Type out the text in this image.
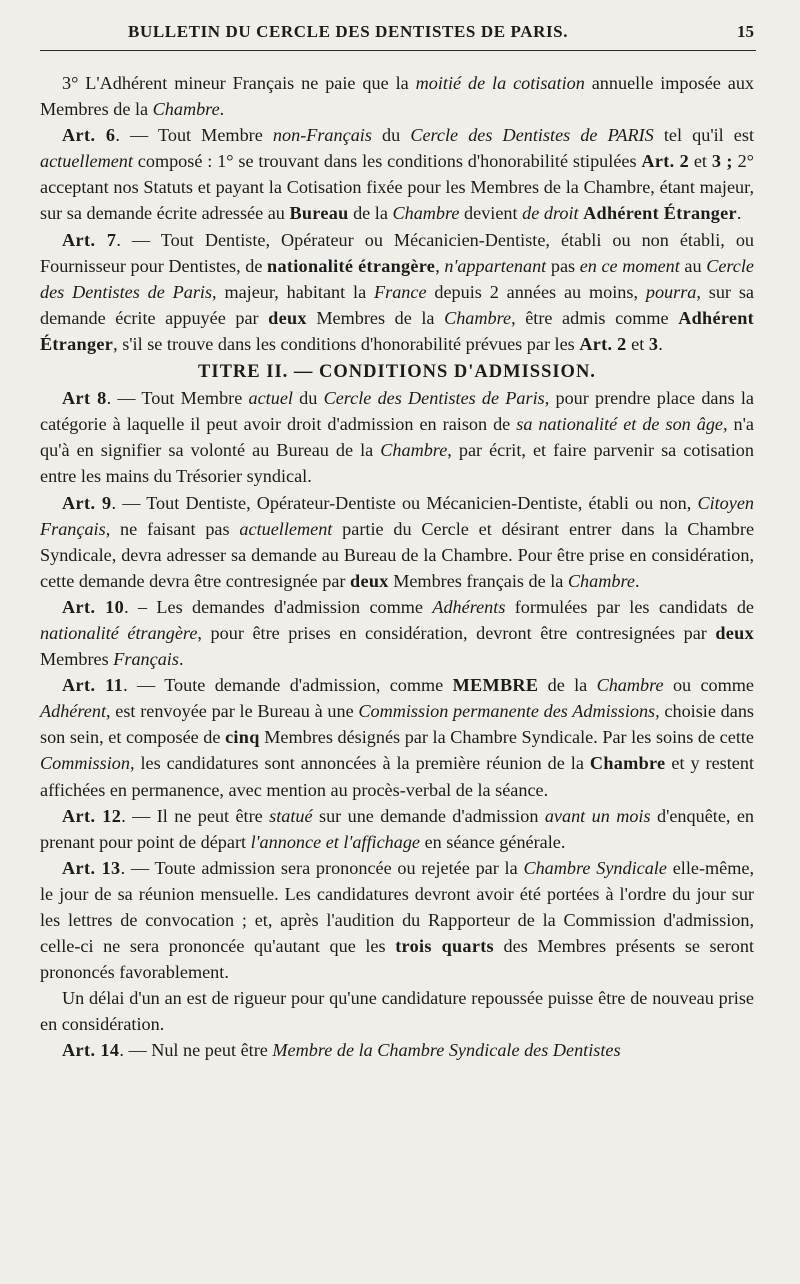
BULLETIN DU CERCLE DES DENTISTES DE PARIS.	15

3° L'Adhérent mineur Français ne paie que la moitié de la cotisation annuelle imposée aux Membres de la Chambre.

Art. 6. — Tout Membre non-Français du Cercle des Dentistes de PARIS tel qu'il est actuellement composé : 1° se trouvant dans les conditions d'honorabilité stipulées Art. 2 et 3 ; 2° acceptant nos Statuts et payant la Cotisation fixée pour les Membres de la Chambre, étant majeur, sur sa demande écrite adressée au Bureau de la Chambre devient de droit Adhérent Étranger.

Art. 7. — Tout Dentiste, Opérateur ou Mécanicien-Dentiste, établi ou non établi, ou Fournisseur pour Dentistes, de nationalité étrangère, n'appartenant pas en ce moment au Cercle des Dentistes de Paris, majeur, habitant la France depuis 2 années au moins, pourra, sur sa demande écrite appuyée par deux Membres de la Chambre, être admis comme Adhérent Étranger, s'il se trouve dans les conditions d'honorabilité prévues par les Art. 2 et 3.

TITRE II. — CONDITIONS D'ADMISSION.

Art 8. — Tout Membre actuel du Cercle des Dentistes de Paris, pour prendre place dans la catégorie à laquelle il peut avoir droit d'admission en raison de sa nationalité et de son âge, n'a qu'à en signifier sa volonté au Bureau de la Chambre, par écrit, et faire parvenir sa cotisation entre les mains du Trésorier syndical.

Art. 9. — Tout Dentiste, Opérateur-Dentiste ou Mécanicien-Dentiste, établi ou non, Citoyen Français, ne faisant pas actuellement partie du Cercle et désirant entrer dans la Chambre Syndicale, devra adresser sa demande au Bureau de la Chambre. Pour être prise en considération, cette demande devra être contresignée par deux Membres français de la Chambre.

Art. 10. – Les demandes d'admission comme Adhérents formulées par les candidats de nationalité étrangère, pour être prises en considération, devront être contresignées par deux Membres Français.

Art. 11. — Toute demande d'admission, comme MEMBRE de la Chambre ou comme Adhérent, est renvoyée par le Bureau à une Commission permanente des Admissions, choisie dans son sein, et composée de cinq Membres désignés par la Chambre Syndicale. Par les soins de cette Commission, les candidatures sont annoncées à la première réunion de la Chambre et y restent affichées en permanence, avec mention au procès-verbal de la séance.

Art. 12. — Il ne peut être statué sur une demande d'admission avant un mois d'enquête, en prenant pour point de départ l'annonce et l'affichage en séance générale.

Art. 13. — Toute admission sera prononcée ou rejetée par la Chambre Syndicale elle-même, le jour de sa réunion mensuelle. Les candidatures devront avoir été portées à l'ordre du jour sur les lettres de convocation ; et, après l'audition du Rapporteur de la Commission d'admission, celle-ci ne sera prononcée qu'autant que les trois quarts des Membres présents se seront prononcés favorablement.

Un délai d'un an est de rigueur pour qu'une candidature repoussée puisse être de nouveau prise en considération.

Art. 14. — Nul ne peut être Membre de la Chambre Syndicale des Dentistes
